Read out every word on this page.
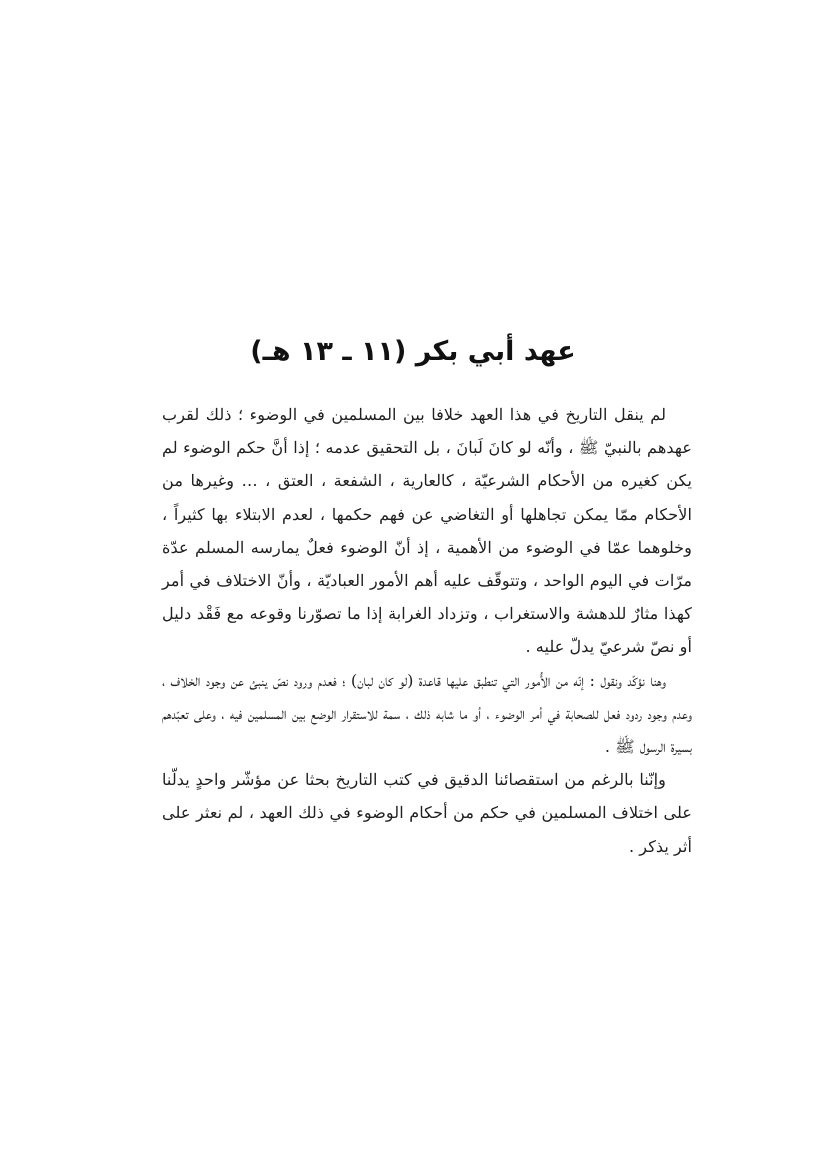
عهد أبي بكر (١١ ـ ١٣ هـ)

لم ينقل التاريخ في هذا العهد خلافا بين المسلمين في الوضوء ؛ ذلك لقرب عهدهم بالنبيّ ﷺ ، وأنّه لو كانَ لَبانَ ، بل التحقيق عدمه ؛ إذا أنَّ حكم الوضوء لم يكن كغيره من الأحكام الشرعيّة ، كالعارية ، الشفعة ، العتق ، … وغيرها من الأحكام ممّا يمكن تجاهلها أو التغاضي عن فهم حكمها ، لعدم الابتلاء بها كثيراً ، وخلوهما عمّا في الوضوء من الأهمية ، إذ أنّ الوضوء فعلٌ يمارسه المسلم عدّة مرّات في اليوم الواحد ، وتتوقّف عليه أهم الأمور العباديّة ، وأنّ الاختلاف في أمر كهذا مثارٌ للدهشة والاستغراب ، وتزداد الغرابة إذا ما تصوّرنا وقوعه مع فَقْد دليل أو نصّ شرعيّ يدلّ عليه .

وهنا نؤكّد ونقول : إنّه من الأُمور التي تنطبق عليها قاعدة (لو كان لبان) ؛ فعدم ورود نصّ ينبئ عن وجود الخلاف ، وعدم وجود ردود فعل للصحابة في أمر الوضوء ، أو ما شابه ذلك ، سمة للاستقرار الوضع بين المسلمين فيه ، وعلى تعبّدهم بسيرة الرسول ﷺ .

وإنّنا بالرغم من استقصائنا الدقيق في كتب التاريخ بحثا عن مؤشّر واحدٍ يدلّنا على اختلاف المسلمين في حكم من أحكام الوضوء في ذلك العهد ، لم نعثر على أثر يذكر .
